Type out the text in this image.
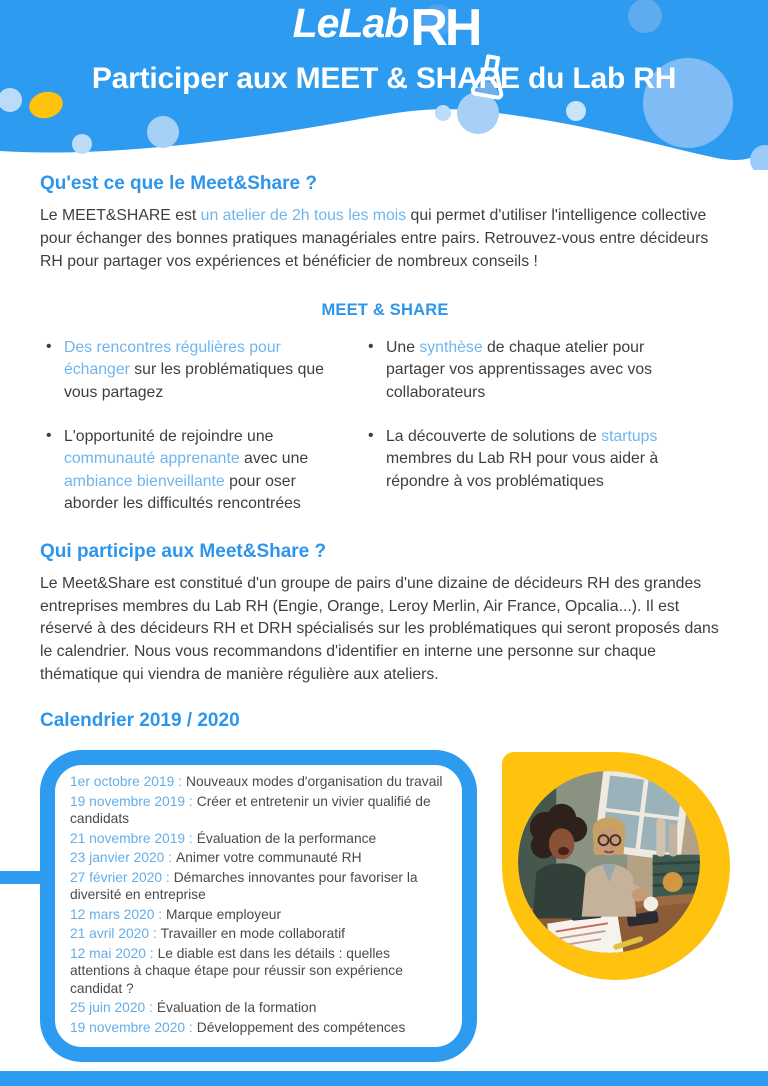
LeLabRH
Participer aux MEET & SHARE du Lab RH
Qu'est ce que le Meet&Share ?

Le MEET&SHARE est un atelier de 2h tous les mois qui permet d'utiliser l'intelligence collective pour échanger des bonnes pratiques managériales entre pairs. Retrouvez-vous entre décideurs RH pour partager vos expériences et bénéficier de nombreux conseils !

MEET & SHARE
• Des rencontres régulières pour échanger sur les problématiques que vous partagez
• Une synthèse de chaque atelier pour partager vos apprentissages avec vos collaborateurs
• L'opportunité de rejoindre une communauté apprenante avec une ambiance bienveillante pour oser aborder les difficultés rencontrées
• La découverte de solutions de startups membres du Lab RH pour vous aider à répondre à vos problématiques
Qui participe aux Meet&Share ?

Le Meet&Share est constitué d'un groupe de pairs d'une dizaine de décideurs RH des grandes entreprises membres du Lab RH (Engie, Orange, Leroy Merlin, Air France, Opcalia...). Il est réservé à des décideurs RH et DRH spécialisés sur les problématiques qui seront proposés dans le calendrier. Nous vous recommandons d'identifier en interne une personne sur chaque thématique qui viendra de manière régulière aux ateliers.

Calendrier 2019 / 2020

1er octobre 2019 : Nouveaux modes d'organisation du travail

19 novembre 2019 : Créer et entretenir un vivier qualifié de candidats

21 novembre 2019 : Évaluation de la performance

23 janvier 2020 : Animer votre communauté RH

27 février 2020 : Démarches innovantes pour favoriser la diversité en entreprise

12 mars 2020 : Marque employeur

21 avril 2020 : Travailler en mode collaboratif

12 mai 2020 : Le diable est dans les détails : quelles attentions à chaque étape pour réussir son expérience candidat ?

25 juin 2020 : Évaluation de la formation

19 novembre 2020 : Développement des compétences
